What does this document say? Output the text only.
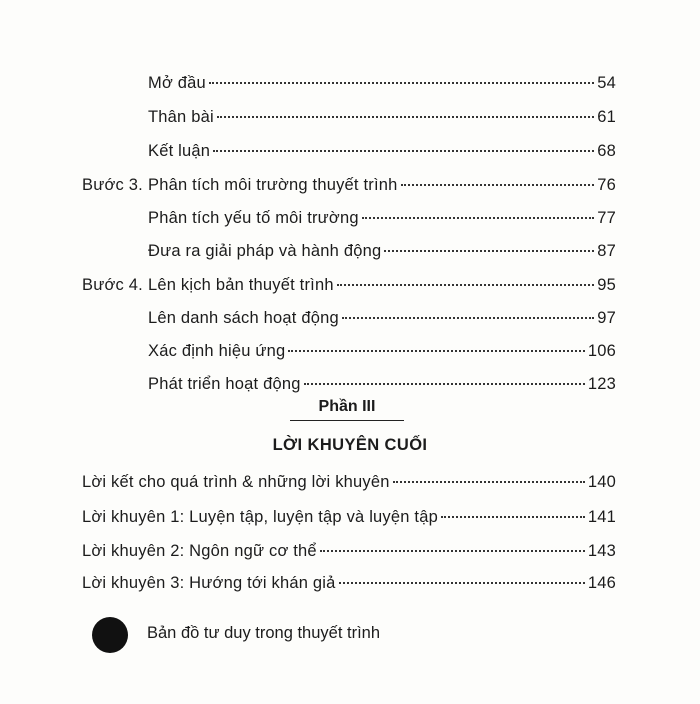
Mở đầu	54
Thân bài	61
Kết luận	68
Bước 3. Phân tích môi trường thuyết trình	76
Phân tích yếu tố môi trường	77
Đưa ra giải pháp và hành động	87
Bước 4. Lên kịch bản thuyết trình	95
Lên danh sách hoạt động	97
Xác định hiệu ứng	106
Phát triển hoạt động	123
Phần III
LỜI KHUYÊN CUỐI
Lời kết cho quá trình & những lời khuyên	140
Lời khuyên 1: Luyện tập, luyện tập và luyện tập	141
Lời khuyên 2: Ngôn ngữ cơ thể	143
Lời khuyên 3: Hướng tới khán giả	146
Bản đồ tư duy trong thuyết trình
